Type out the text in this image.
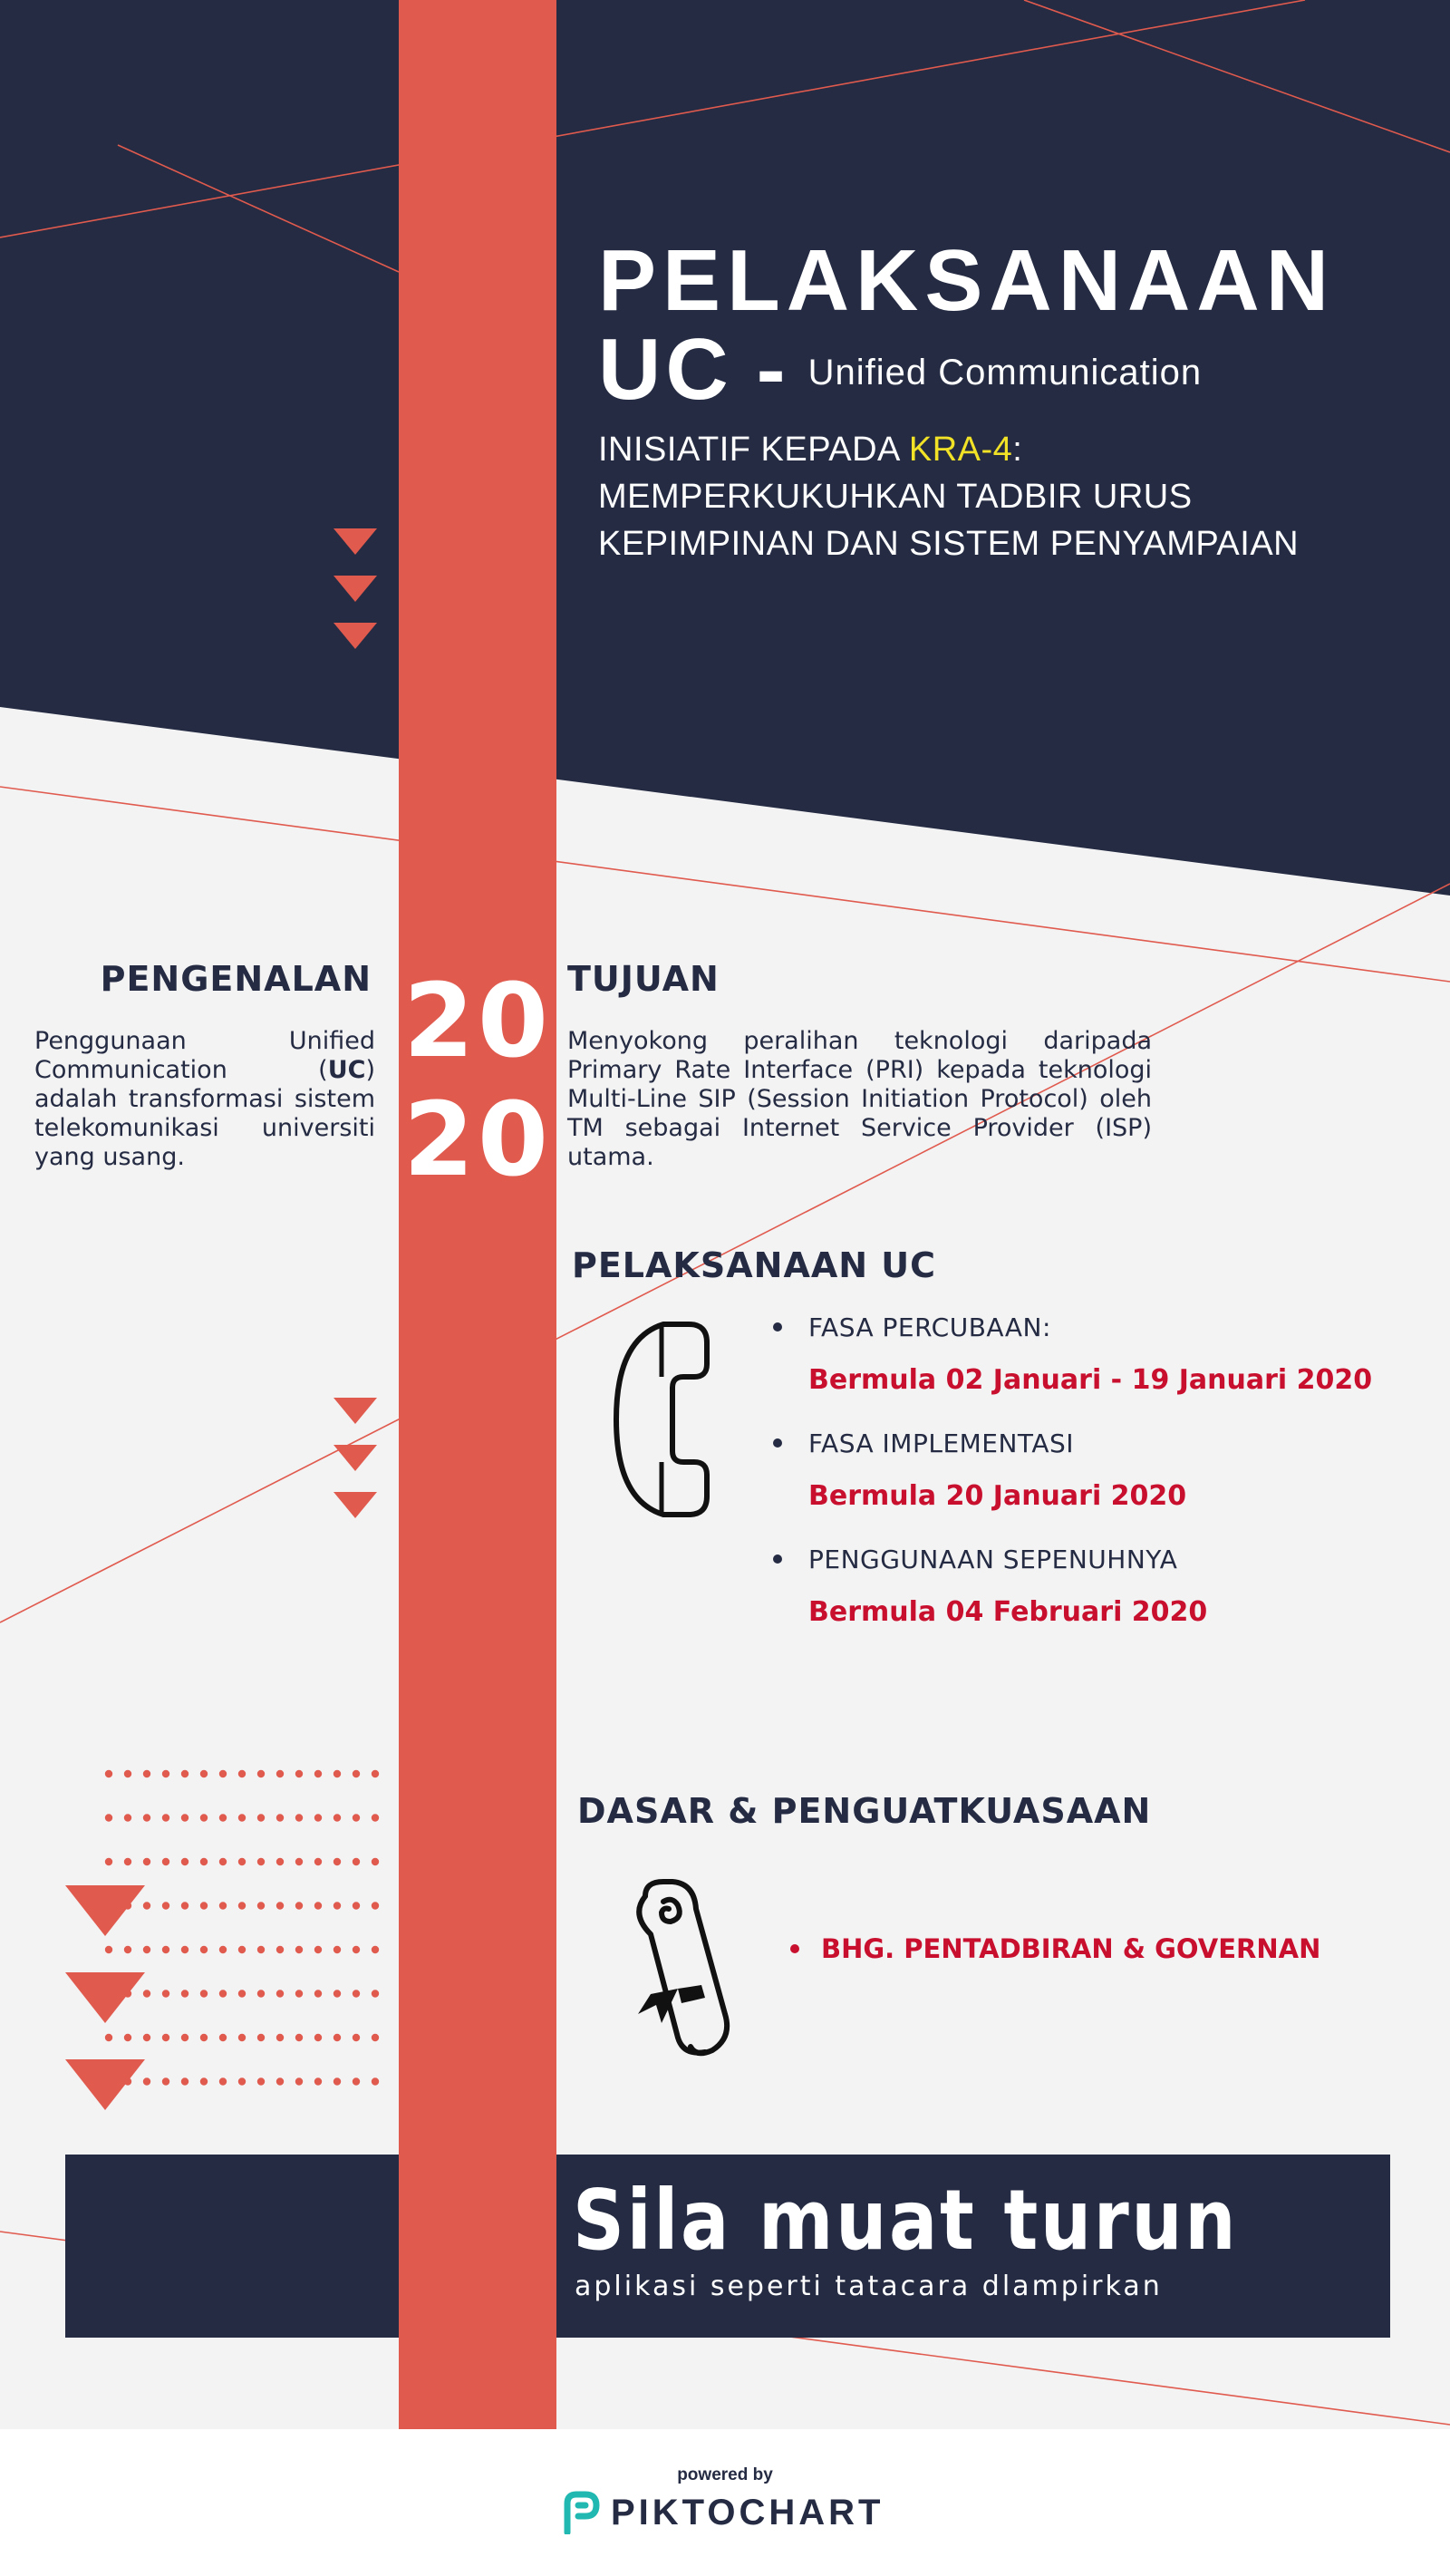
PELAKSANAAN
UC - Unified Communication
INISIATIF KEPADA KRA-4:
MEMPERKUKUHKAN TADBIR URUS
KEPIMPINAN DAN SISTEM PENYAMPAIAN
20
20
PENGENALAN

Penggunaan Unified Communication (UC) adalah transformasi sistem telekomunikasi universiti yang usang.

TUJUAN

Menyokong peralihan teknologi daripada Primary Rate Interface (PRI) kepada teknologi Multi-Line SIP (Session Initiation Protocol) oleh TM sebagai Internet Service Provider (ISP) utama.

PELAKSANAAN UC
FASA PERCUBAAN:
Bermula 02 Januari - 19 Januari 2020
FASA IMPLEMENTASI
Bermula 20 Januari 2020
PENGGUNAAN SEPENUHNYA
Bermula 04 Februari 2020
DASAR & PENGUATKUASAAN
BHG. PENTADBIRAN & GOVERNAN
Sila muat turun
aplikasi seperti tatacara dlampirkan
powered by
PIKTOCHART
